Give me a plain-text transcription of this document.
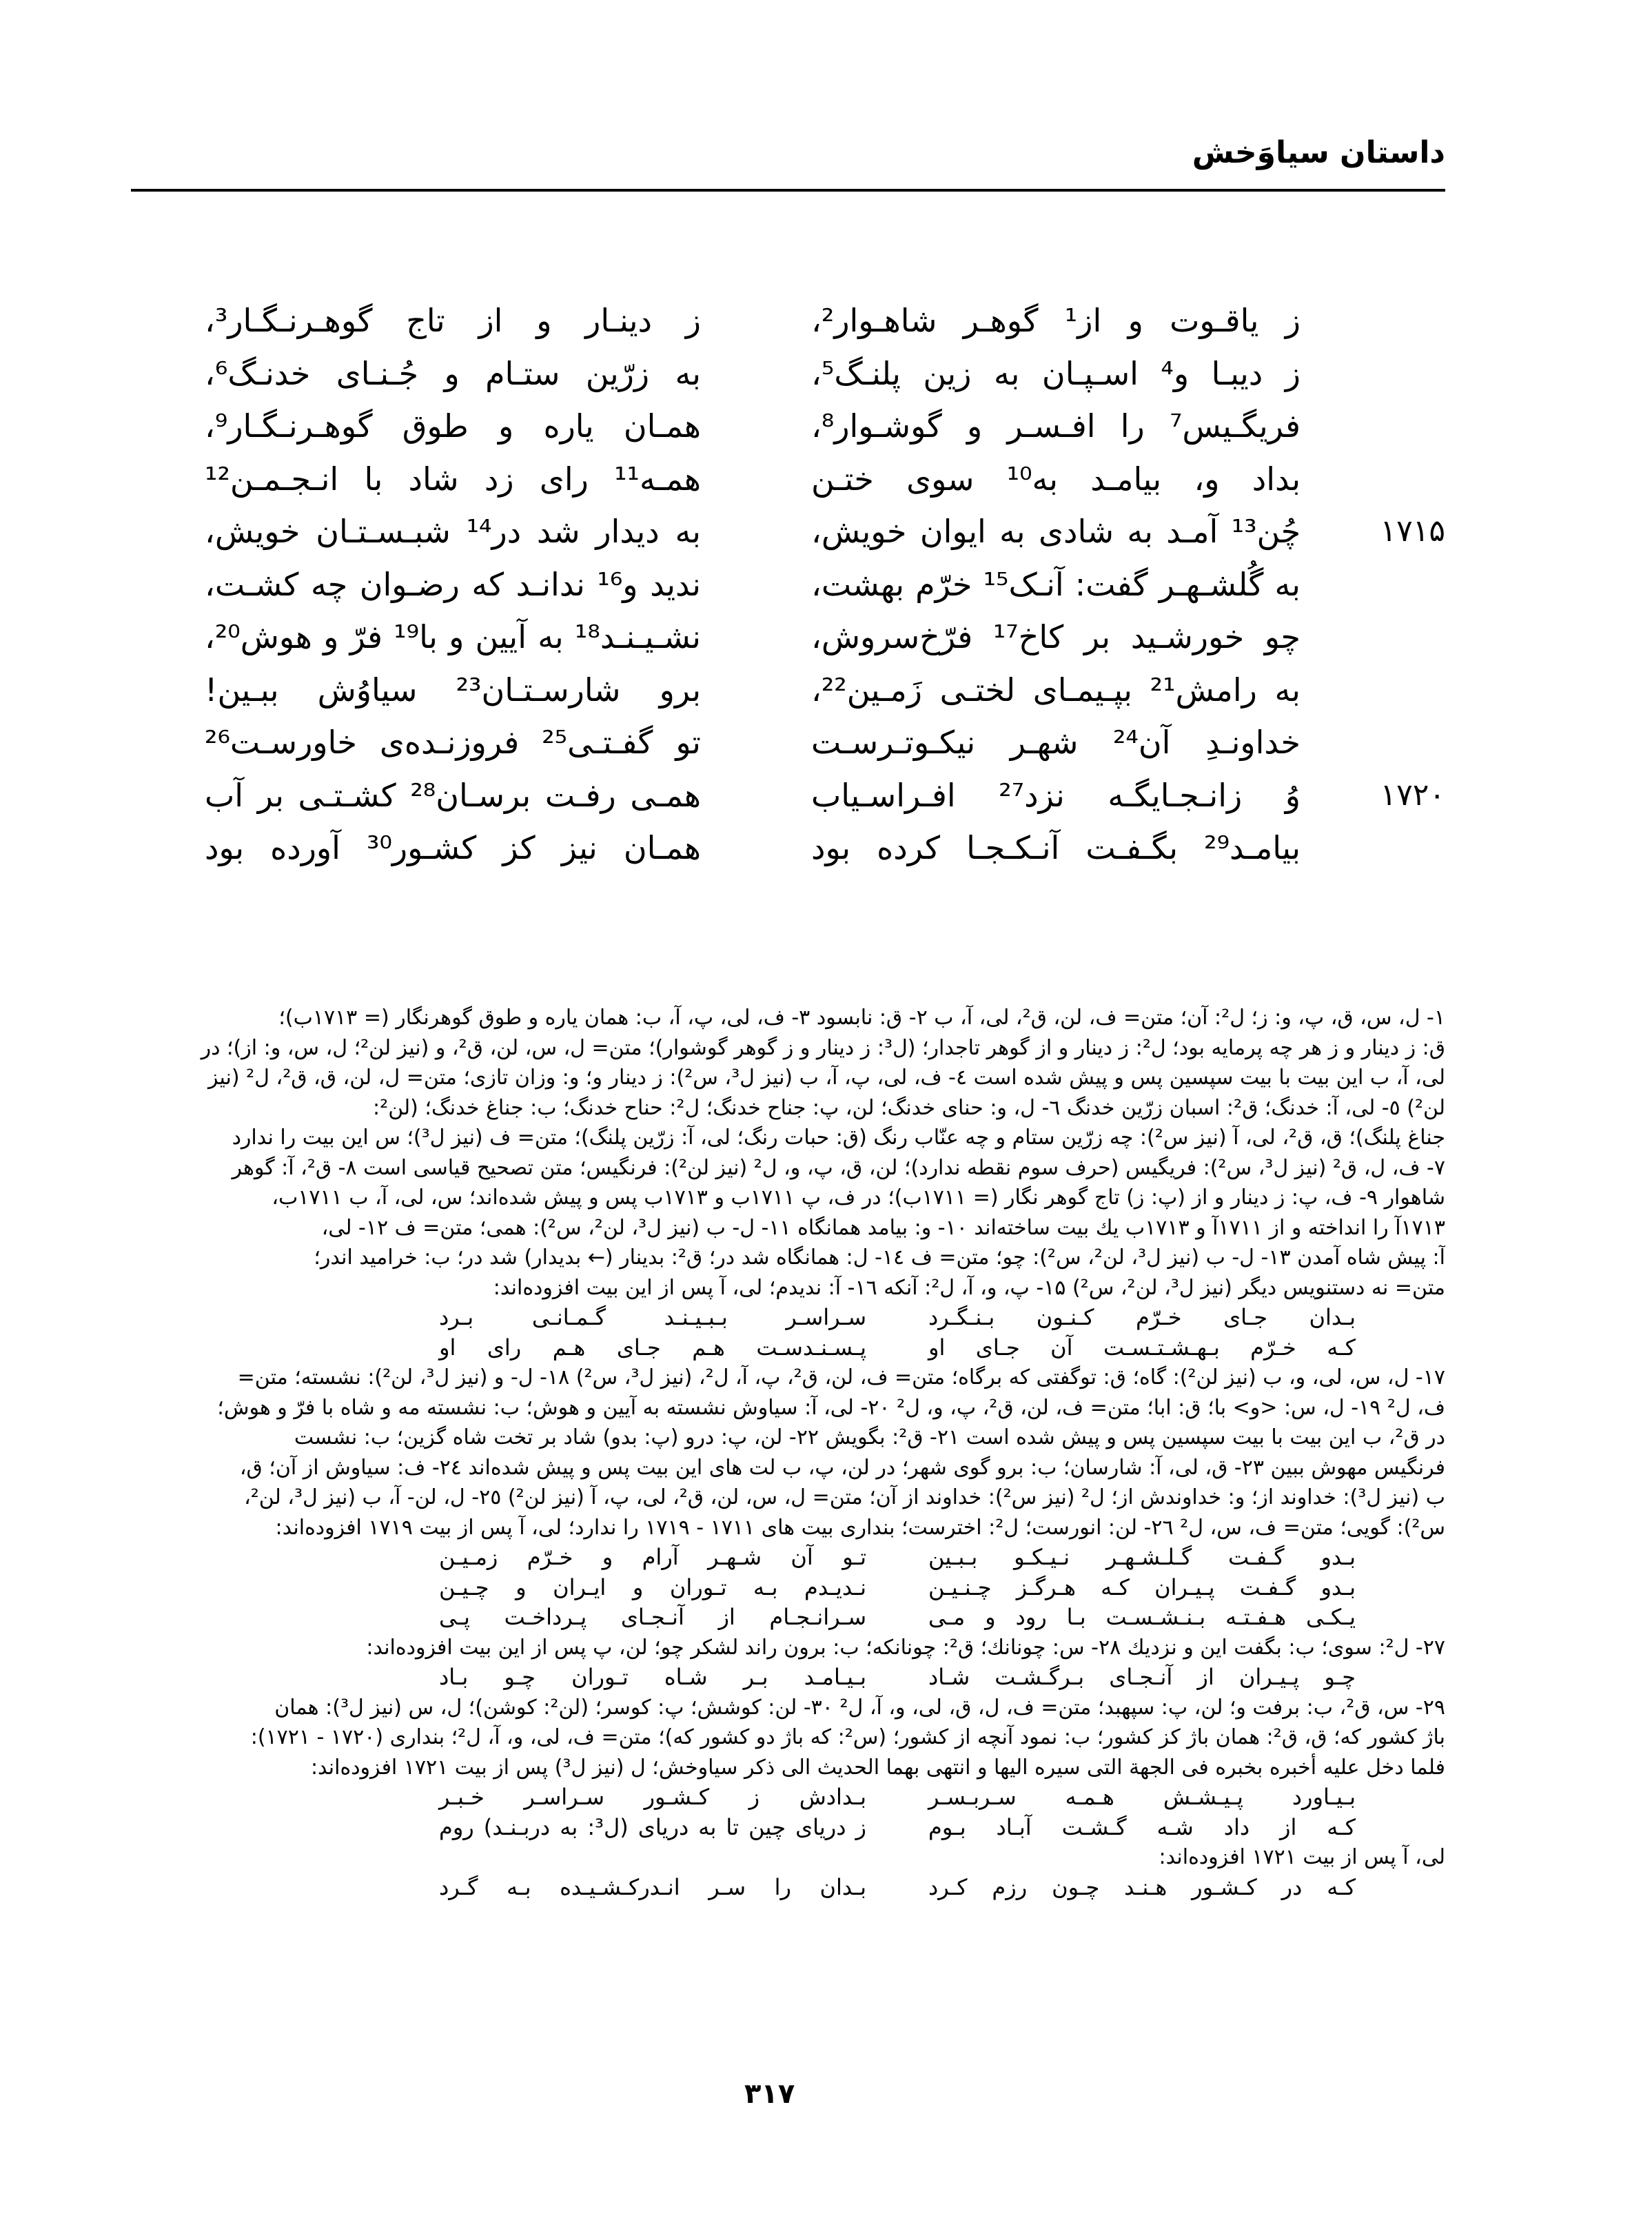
داستان سیاوَخش
ز یاقـوت و از¹ گوهـر شاهـوار²،
ز دینـار و از تاج گوهـرنـگـار³،
ز دیبـا و⁴ اسـپـان به زین پلنـگ⁵،
به زرّین ستـام و جُـنـای خدنـگ⁶،
فریگـیس⁷ را افـسـر و گوشـوار⁸،
همـان یاره و طوق گوهـرنـگـار⁹،
بداد و، بیامـد به¹⁰ سوی ختـن
همـه¹¹ رای زد شاد با انـجـمـن¹²
۱۷۱۵
چُن¹³ آمـد به شادی به ایوان خویش،
به دیدار شد در¹⁴ شبـسـتـان خویش،
به گُلشـهـر گفت: آنـک¹⁵ خرّم بهشت،
ندید و¹⁶ ندانـد که رضـوان چه کشـت،
چو خورشـید بر کاخ¹⁷ فرّخ‌سروش،
نشـیـنـد¹⁸ به آیین و با¹⁹ فرّ و هوش²⁰،
به رامش²¹ بپـیمـای لختـی زَمـین²²،
برو شارسـتـان²³ سیاوُش ببـین!
خداونـدِ آن²⁴ شهـر نیکـوتـرسـت
تو گفـتـی²⁵ فروزنـده‌ی خاورسـت²⁶
۱۷۲۰
وُ زانـجـایگـه نزد²⁷ افـراسـیاب
همـی رفـت برسـان²⁸ کشـتـی بر آب
بیامـد²⁹ بگـفـت آنـکـجـا کرده بود
همـان نیز کز کشـور³⁰ آورده بود
۱- ل، س، ق، پ، و: ز؛ ل²: آن؛ متن= ف، لن، ق²، لی، آ، ب ۲- ق: نابسود ۳- ف، لی، پ، آ، ب: همان یاره و طوق گوهرنگار (= ۱۷۱۳ب)؛
ق: ز دینار و ز هر چه پرمایه بود؛ ل²: ز دینار و از گوهر تاجدار؛ (ل³: ز دینار و ز گوهر گوشوار)؛ متن= ل، س، لن، ق²، و (نیز لن²؛ ل، س، و: از)؛ در
لی، آ، ب این بیت با بیت سپسین پس و پیش شده است ٤- ف، لی، پ، آ، ب (نیز ل³، س²): ز دینار و؛ و: وزان تازی؛ متن= ل، لن، ق، ق²، ل² (نیز
لن²) ٥- لی، آ: خدنگ؛ ق²: اسبان زرّین خدنگ ٦- ل، و: حنای خدنگ؛ لن، پ: جناح خدنگ؛ ل²: حناح خدنگ؛ ب: جناغ خدنگ؛ (لن²:
جناغ پلنگ)؛ ق، ق²، لی، آ (نیز س²): چه زرّین ستام و چه عنّاب رنگ (ق: حبات رنگ؛ لی، آ: زرّین پلنگ)؛ متن= ف (نیز ل³)؛ س این بیت را ندارد
۷- ف، ل، ق² (نیز ل³، س²): فریگیس (حرف سوم نقطه ندارد)؛ لن، ق، پ، و، ل² (نیز لن²): فرنگیس؛ متن تصحیح قیاسی است ۸- ق²، آ: گوهر
شاهوار ۹- ف، پ: ز دینار و از (پ: ز) تاج گوهر نگار (= ۱۷۱۱ب)؛ در ف، پ ۱۷۱۱ب و ۱۷۱۳ب پس و پیش شده‌اند؛ س، لی، آ، ب ۱۷۱۱ب،
۱۷۱۳آ را انداخته و از ۱۷۱۱آ و ۱۷۱۳ب یك بیت ساخته‌اند ۱۰- و: بیامد همانگاه ۱۱- ل- ب (نیز ل³، لن²، س²): همی؛ متن= ف ۱۲- لی،
آ: پیش شاه آمدن ۱۳- ل- ب (نیز ل³، لن²، س²): چو؛ متن= ف ١٤- ل: همانگاه شد در؛ ق²: بدینار (← بدیدار) شد در؛ ب: خرامید اندر؛
متن= نه دستنویس دیگر (نیز ل³، لن²، س²) ۱۵- پ، و، آ، ل²: آنکه ١٦- آ: ندیدم؛ لی، آ پس از این بیت افزوده‌اند:
بـدان جـای خـرّم کـنـون بـنـگـرد
سـراسـر بـبـیـنـد گـمـانـی بـرد
کـه خـرّم بـهـشـتـسـت آن جـای او
پـسـنـدسـت هـم جـای هـم رای او
۱۷- ل، س، لی، و، ب (نیز لن²): گاه؛ ق: توگفتی که برگاه؛ متن= ف، لن، ق²، پ، آ، ل²، (نیز ل³، س²) ۱۸- ل- و (نیز ل³، لن²): نشسته؛ متن=
ف، ل² ۱۹- ل، س: <و> با؛ ق: ابا؛ متن= ف، لن، ق²، پ، و، ل² ۲۰- لی، آ: سیاوش نشسته به آیین و هوش؛ ب: نشسته مه و شاه با فرّ و هوش؛
در ق²، ب این بیت با بیت سپسین پس و پیش شده است ۲۱- ق²: بگویش ۲۲- لن، پ: درو (پ: بدو) شاد بر تخت شاه گزین؛ ب: نشست
فرنگیس مهوش ببین ۲۳- ق، لی، آ: شارسان؛ ب: برو گوی شهر؛ در لن، پ، ب لت های این بیت پس و پیش شده‌اند ۲٤- ف: سیاوش از آن؛ ق،
ب (نیز ل³): خداوند از؛ و: خداوندش از؛ ل² (نیز س²): خداوند از آن؛ متن= ل، س، لن، ق²، لی، پ، آ (نیز لن²) ۲٥- ل، لن- آ، ب (نیز ل³، لن²،
س²): گویی؛ متن= ف، س، ل² ۲٦- لن: انورست؛ ل²: اخترست؛ بنداری بیت های ۱۷۱۱ - ۱۷۱۹ را ندارد؛ لی، آ پس از بیت ۱۷۱۹ افزوده‌اند:
بـدو گـفـت گـلـشـهـر نـیـکـو بـبـین
تـو آن شـهـر آرام و خـرّم زمـیـن
بـدو گـفـت پـیـران کـه هـرگـز چـنـیـن
نـدیـدم بـه تـوران و ایـران و چـیـن
یـکـی هـفـتـه بـنـشـسـت بـا رود و مـی
سـرانـجـام از آنـجـای پـرداخـت پـی
۲۷- ل²: سوی؛ ب: بگفت این و نزدیك ۲۸- س: چونانك؛ ق²: چونانکه؛ ب: برون راند لشکر چو؛ لن، پ پس از این بیت افزوده‌اند:
چـو پـیـران از آنـجـای بـرگـشـت شـاد
بـیـامـد بـر شـاه تـوران چـو بـاد
۲۹- س، ق²، ب: برفت و؛ لن، پ: سپهبد؛ متن= ف، ل، ق، لی، و، آ، ل² ۳۰- لن: کوشش؛ پ: کوسر؛ (لن²: کوشن)؛ ل، س (نیز ل³): همان
باژ کشور که؛ ق، ق²: همان باژ کز کشور؛ ب: نمود آنچه از کشور؛ (س²: که باژ دو کشور که)؛ متن= ف، لی، و، آ، ل²؛ بنداری (۱۷۲۰ - ۱۷۲۱):
فلما دخل علیه أخبره بخبره فی الجهة التی سیره الیها و انتهی بهما الحدیث الی ذکر سیاوخش؛ ل (نیز ل³) پس از بیت ۱۷۲۱ افزوده‌اند:
بـیـاورد پـیـشـش هـمـه سـربـسـر
بـدادش ز کـشـور سـراسـر خـبـر
کـه از داد شـه گـشـت آبـاد بـوم
ز دریای چین تا به دریای (ل³: به دربـنـد) روم
لی، آ پس از بیت ۱۷۲۱ افزوده‌اند:
کـه در کـشـور هـنـد چـون رزم کـرد
بـدان را سـر انـدرکـشـیـده بـه گـرد
۳۱۷
